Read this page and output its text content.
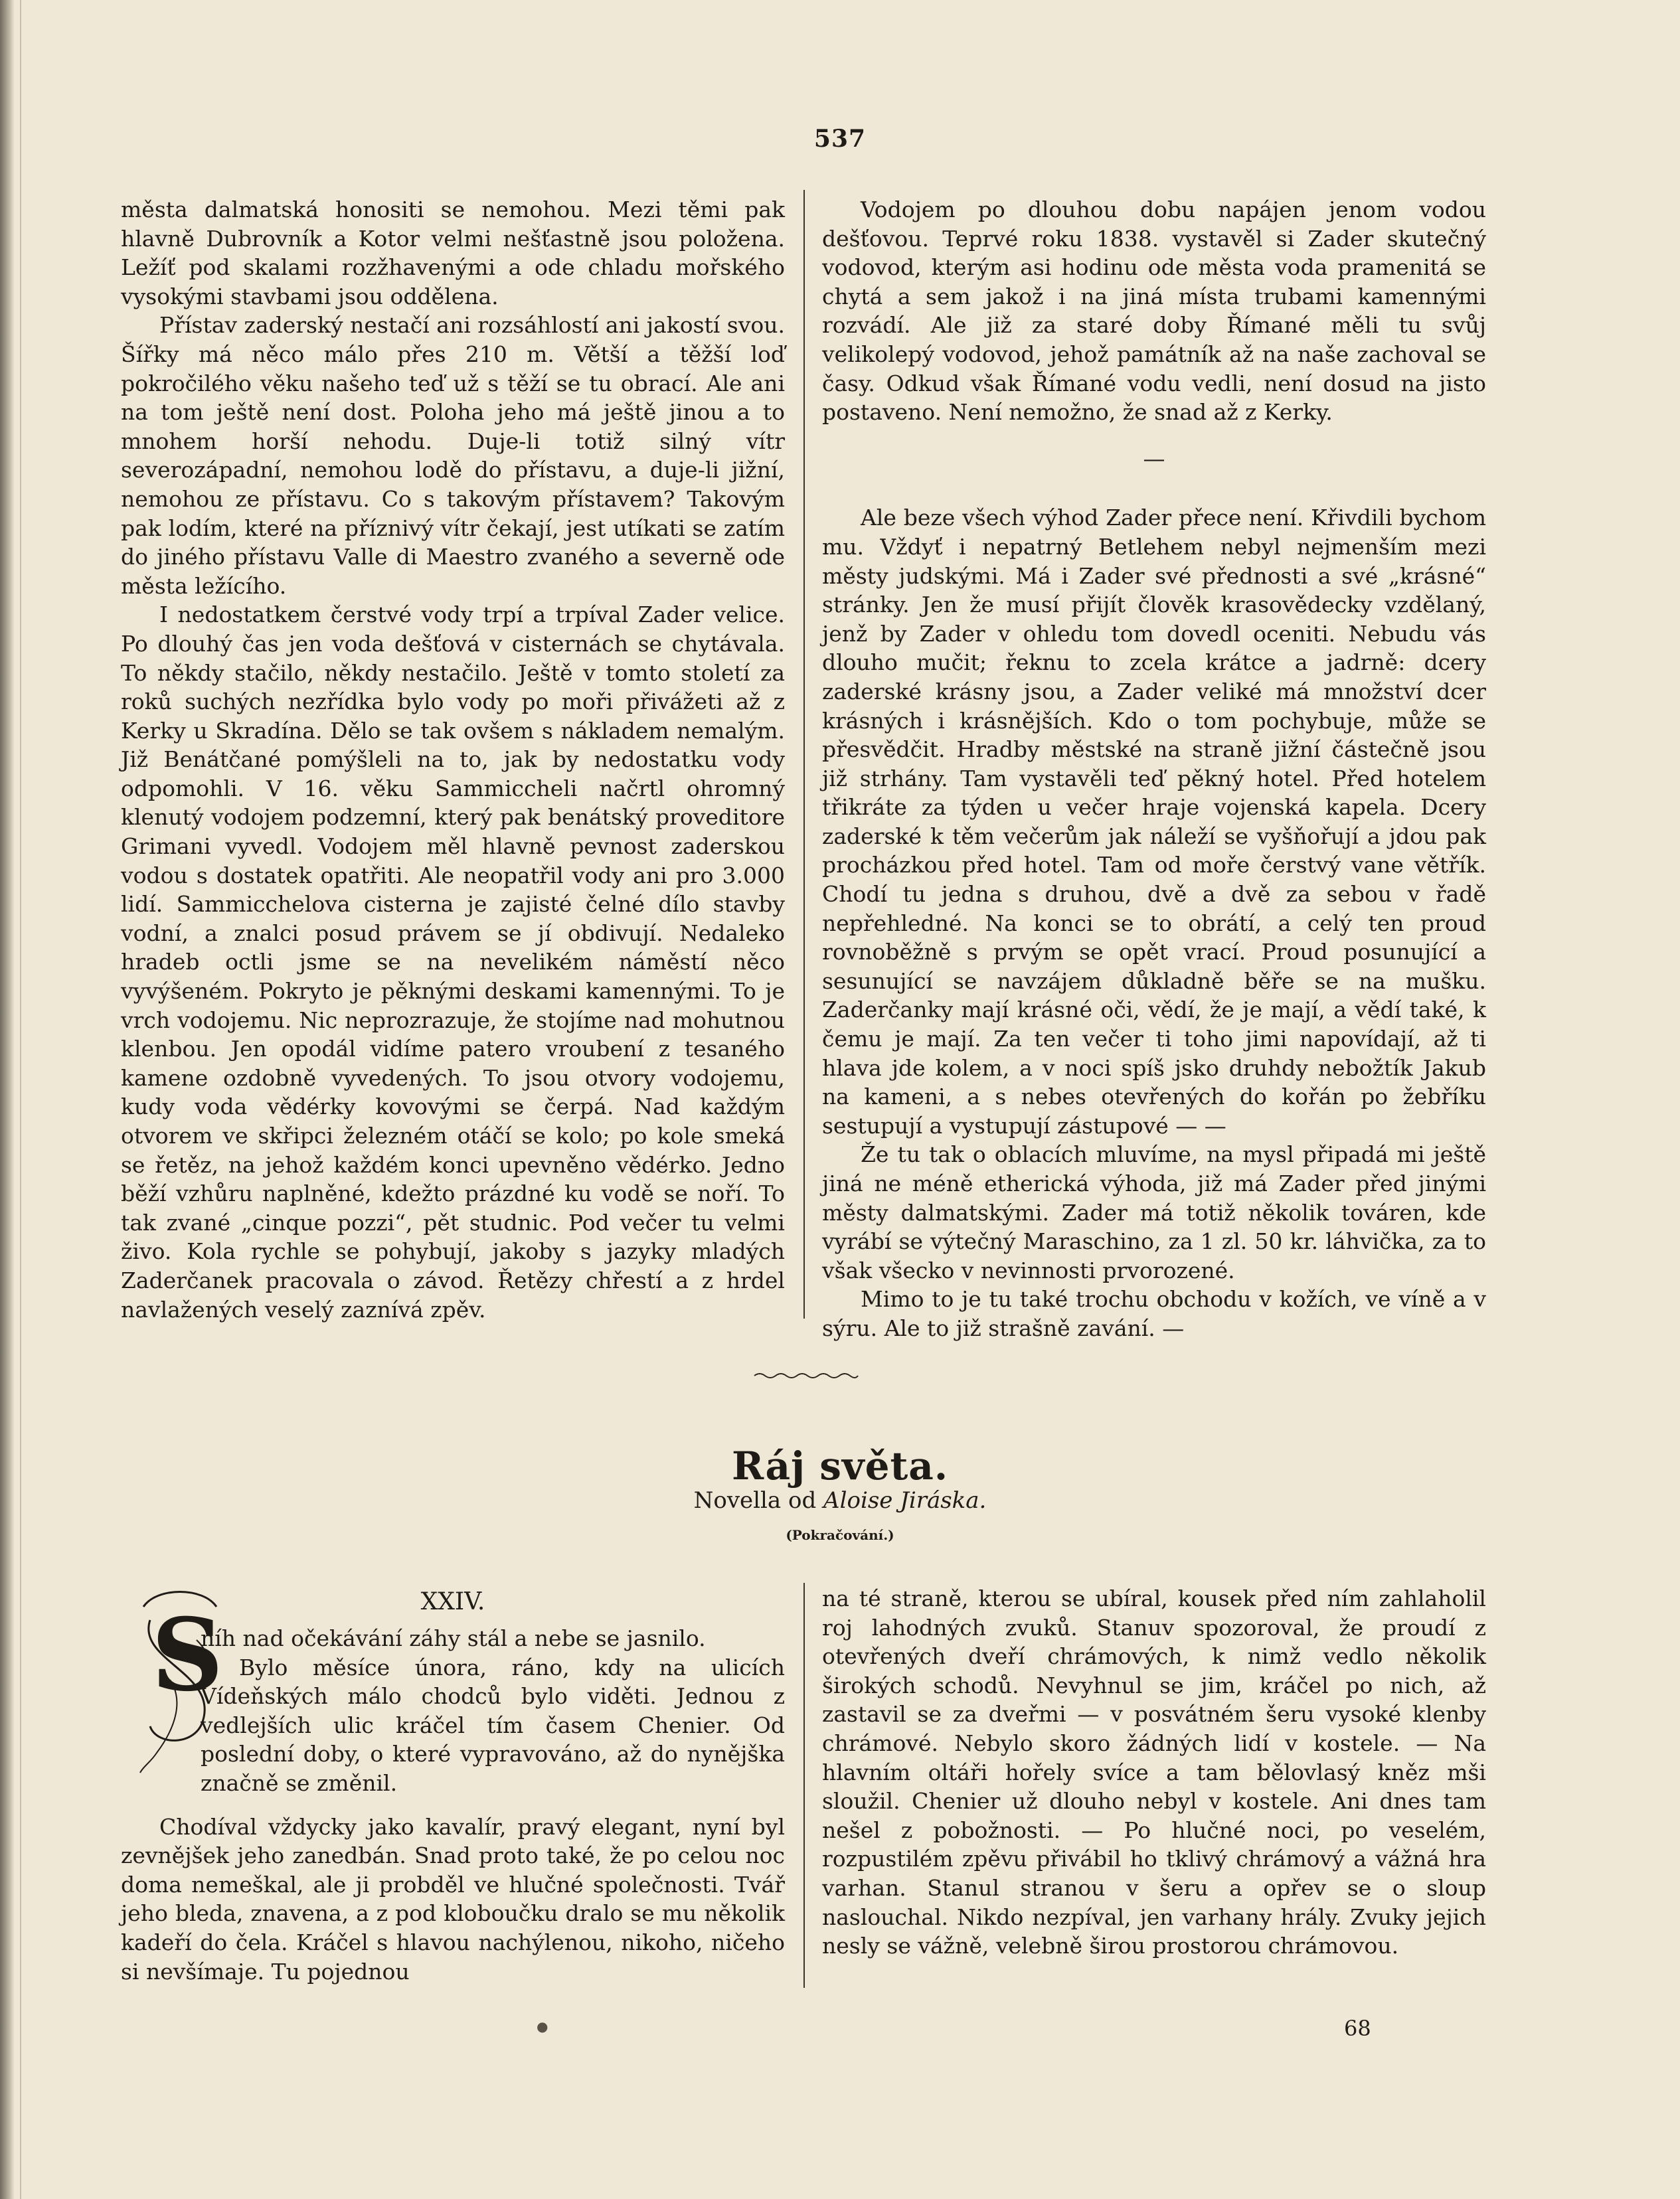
537

města dalmatská honositi se nemohou. Mezi těmi pak hlavně Dubrovník a Kotor velmi nešťastně jsou položena. Ležíť pod skalami rozžhavenými a ode chladu mořského vysokými stavbami jsou oddělena.

Přístav zaderský nestačí ani rozsáhlostí ani jakostí svou. Šířky má něco málo přes 210 m. Větší a těžší loď pokročilého věku našeho teď už s těží se tu obrací. Ale ani na tom ještě není dost. Poloha jeho má ještě jinou a to mnohem horší nehodu. Duje-li totiž silný vítr severozápadní, nemohou lodě do přístavu, a duje-li jižní, nemohou ze přístavu. Co s takovým přístavem? Takovým pak lodím, které na příznivý vítr čekají, jest utíkati se zatím do jiného přístavu Valle di Maestro zvaného a severně ode města ležícího.

I nedostatkem čerstvé vody trpí a trpíval Zader velice. Po dlouhý čas jen voda dešťová v cisternách se chytávala. To někdy stačilo, někdy nestačilo. Ještě v tomto století za roků suchých nezřídka bylo vody po moři přivážeti až z Kerky u Skradína. Dělo se tak ovšem s nákladem nemalým. Již Benátčané pomýšleli na to, jak by nedostatku vody odpomohli. V 16. věku Sammiccheli načrtl ohromný klenutý vodojem podzemní, který pak benátský proveditore Grimani vyvedl. Vodojem měl hlavně pevnost zaderskou vodou s dostatek opatřiti. Ale neopatřil vody ani pro 3.000 lidí. Sammicchelova cisterna je zajisté čelné dílo stavby vodní, a znalci posud právem se jí obdivují. Nedaleko hradeb octli jsme se na nevelikém náměstí něco vyvýšeném. Pokryto je pěknými deskami kamennými. To je vrch vodojemu. Nic neprozrazuje, že stojíme nad mohutnou klenbou. Jen opodál vidíme patero vroubení z tesaného kamene ozdobně vyvedených. To jsou otvory vodojemu, kudy voda vědérky kovovými se čerpá. Nad každým otvorem ve skřipci železném otáčí se kolo; po kole smeká se řetěz, na jehož každém konci upevněno vědérko. Jedno běží vzhůru naplněné, kdežto prázdné ku vodě se noří. To tak zvané „cinque pozzi“, pět studnic. Pod večer tu velmi živo. Kola rychle se pohybují, jakoby s jazyky mladých Zaderčanek pracovala o závod. Řetězy chřestí a z hrdel navlažených veselý zaznívá zpěv.

Vodojem po dlouhou dobu napájen jenom vodou dešťovou. Teprvé roku 1838. vystavěl si Zader skutečný vodovod, kterým asi hodinu ode města voda pramenitá se chytá a sem jakož i na jiná místa trubami kamennými rozvádí. Ale již za staré doby Římané měli tu svůj velikolepý vodovod, jehož památník až na naše zachoval se časy. Odkud však Římané vodu vedli, není dosud na jisto postaveno. Není nemožno, že snad až z Kerky.

—

Ale beze všech výhod Zader přece není. Křivdili bychom mu. Vždyť i nepatrný Betlehem nebyl nejmenším mezi městy judskými. Má i Zader své přednosti a své „krásné“ stránky. Jen že musí přijít člověk krasovědecky vzdělaný, jenž by Zader v ohledu tom dovedl oceniti. Nebudu vás dlouho mučit; řeknu to zcela krátce a jadrně: dcery zaderské krásny jsou, a Zader veliké má množství dcer krásných i krásnějších. Kdo o tom pochybuje, může se přesvědčit. Hradby městské na straně jižní částečně jsou již strhány. Tam vystavěli teď pěkný hotel. Před hotelem třikráte za týden u večer hraje vojenská kapela. Dcery zaderské k těm večerům jak náleží se vyšňořují a jdou pak procházkou před hotel. Tam od moře čerstvý vane větřík. Chodí tu jedna s druhou, dvě a dvě za sebou v řadě nepřehledné. Na konci se to obrátí, a celý ten proud rovnoběžně s prvým se opět vrací. Proud posunující a sesunující se navzájem důkladně běře se na mušku. Zaderčanky mají krásné oči, vědí, že je mají, a vědí také, k čemu je mají. Za ten večer ti toho jimi napovídají, až ti hlava jde kolem, a v noci spíš jsko druhdy nebožtík Jakub na kameni, a s nebes otevřených do kořán po žebříku sestupují a vystupují zástupové — —

Že tu tak o oblacích mluvíme, na mysl připadá mi ještě jiná ne méně etherická výhoda, již má Zader před jinými městy dalmatskými. Zader má totiž několik továren, kde vyrábí se výtečný Maraschino, za 1 zl. 50 kr. láhvička, za to však všecko v nevinnosti prvorozené.

Mimo to je tu také trochu obchodu v kožích, ve víně a v sýru. Ale to již strašně zavání. —

Ráj světa.
Novella od Aloise Jiráska.
(Pokračování.)
XXIV.
S

níh nad očekávání záhy stál a nebe se jasnilo.

Bylo měsíce února, ráno, kdy na ulicích Vídeňských málo chodců bylo viděti. Jednou z vedlejších ulic kráčel tím časem Chenier. Od poslední doby, o které vypravováno, až do nynějška značně se změnil.

Chodíval vždycky jako kavalír, pravý elegant, nyní byl zevnějšek jeho zanedbán. Snad proto také, že po celou noc doma nemeškal, ale ji probděl ve hlučné společnosti. Tvář jeho bleda, znavena, a z pod kloboučku dralo se mu několik kadeří do čela. Kráčel s hlavou nachýlenou, nikoho, ničeho si nevšímaje. Tu pojednou

na té straně, kterou se ubíral, kousek před ním zahlaholil roj lahodných zvuků. Stanuv spozoroval, že proudí z otevřených dveří chrámových, k nimž vedlo několik širokých schodů. Nevyhnul se jim, kráčel po nich, až zastavil se za dveřmi — v posvátném šeru vysoké klenby chrámové. Nebylo skoro žádných lidí v kostele. — Na hlavním oltáři hořely svíce a tam bělovlasý kněz mši sloužil. Chenier už dlouho nebyl v kostele. Ani dnes tam nešel z pobožnosti. — Po hlučné noci, po veselém, rozpustilém zpěvu přivábil ho tklivý chrámový a vážná hra varhan. Stanul stranou v šeru a opřev se o sloup naslouchal. Nikdo nezpíval, jen varhany hrály. Zvuky jejich nesly se vážně, velebně širou prostorou chrámovou.

●	68
